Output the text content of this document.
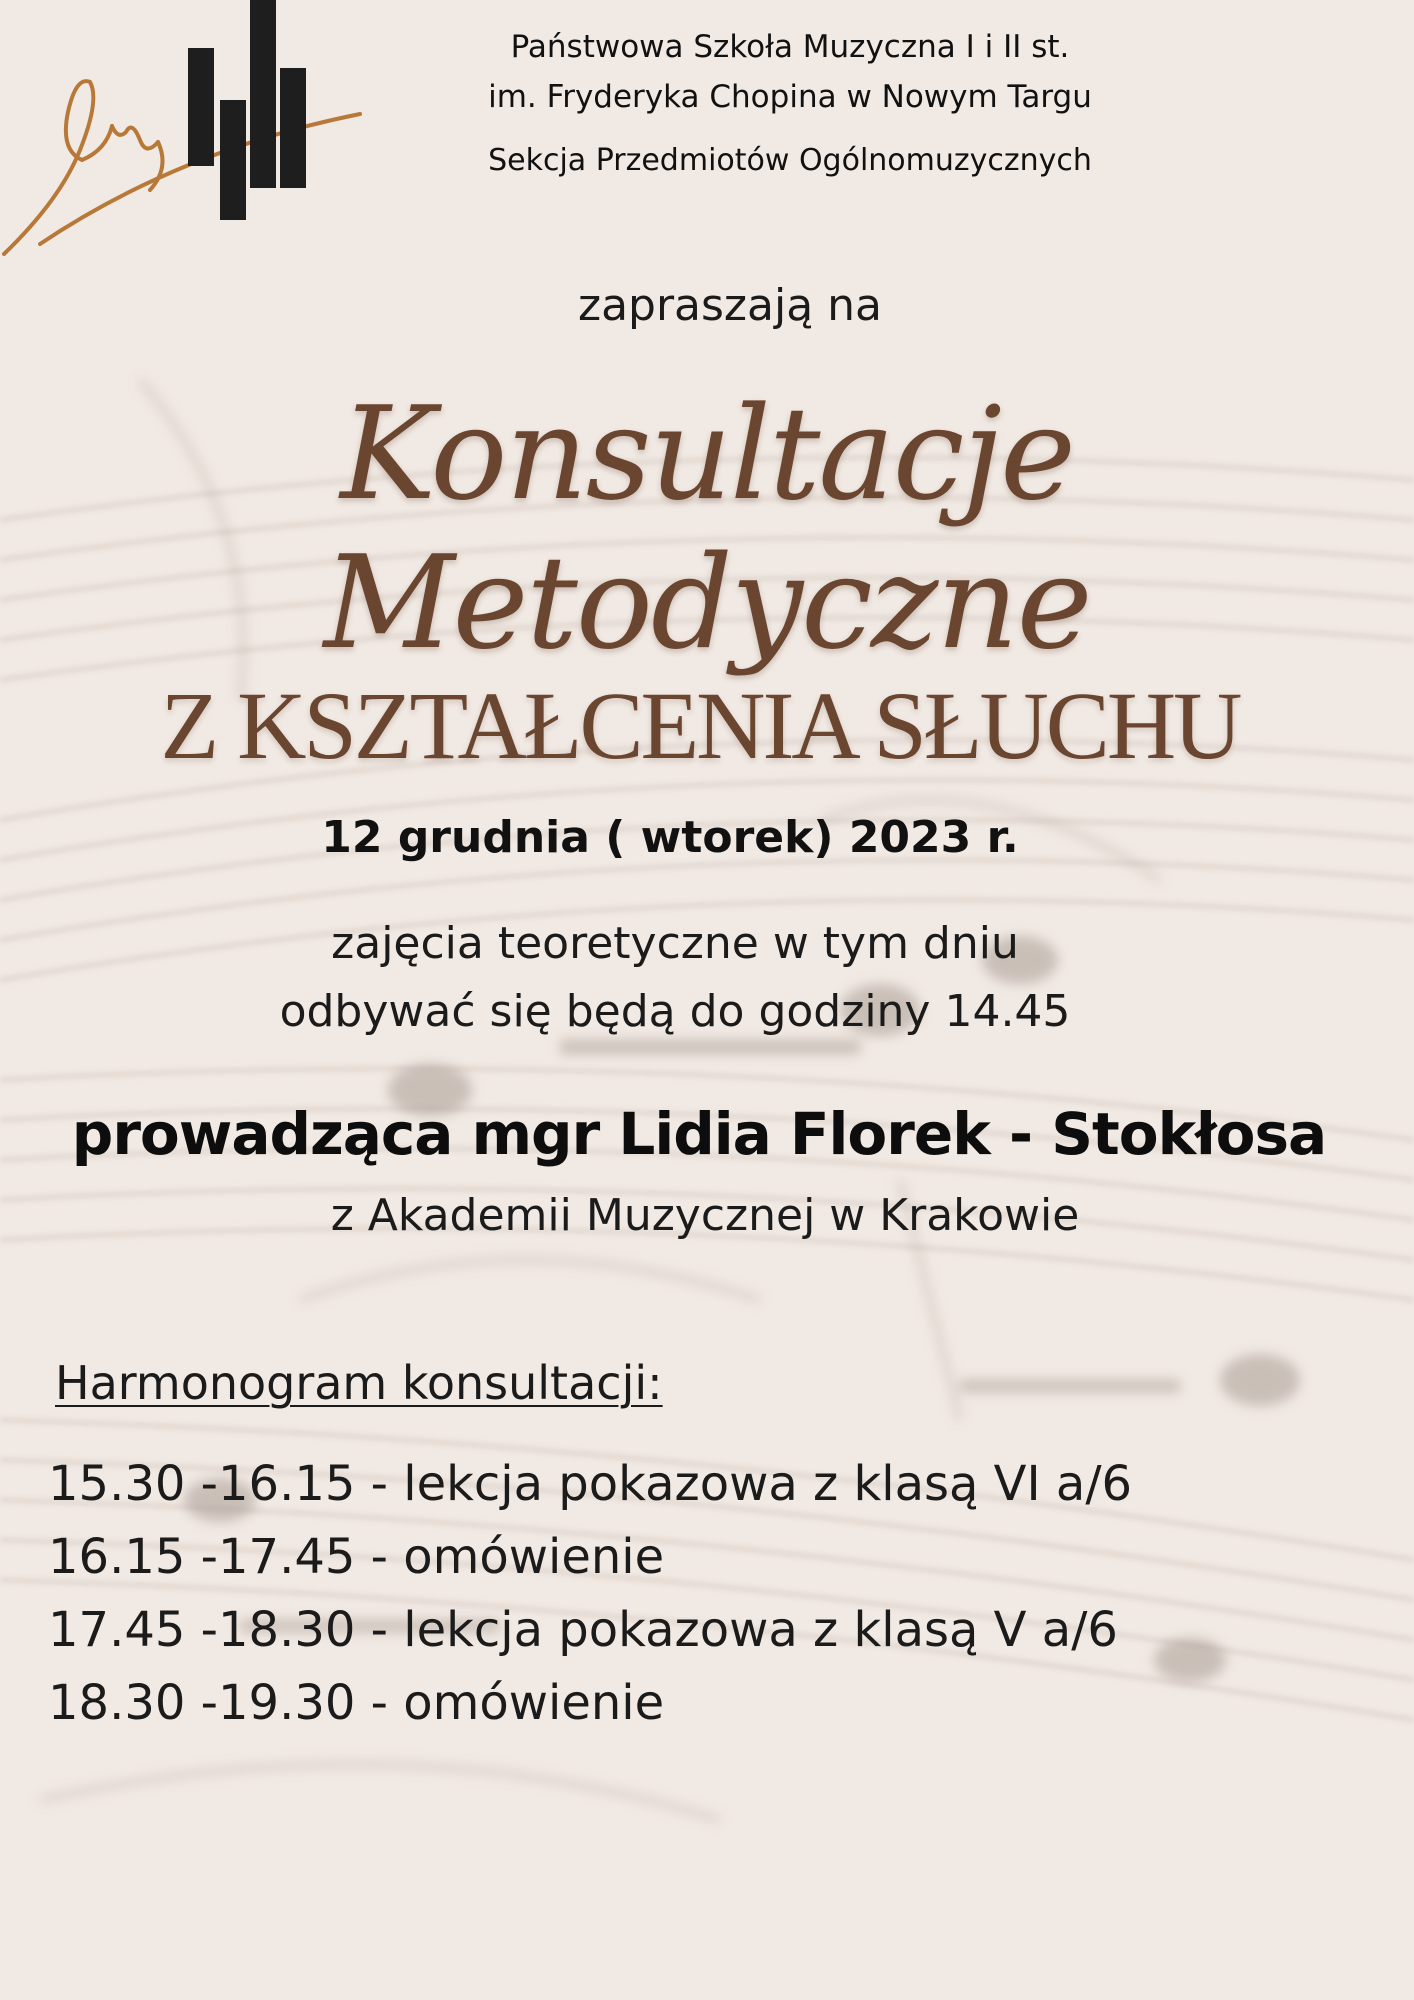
Państwowa Szkoła Muzyczna I i II st.
im. Fryderyka Chopina w Nowym Targu
Sekcja Przedmiotów Ogólnomuzycznych
zapraszają na
Konsultacje Metodyczne
Z KSZTAŁCENIA SŁUCHU
12 grudnia ( wtorek) 2023 r.
zajęcia teoretyczne w tym dniu
odbywać się będą do godziny 14.45
prowadząca mgr Lidia Florek - Stokłosa
z Akademii Muzycznej w Krakowie
Harmonogram konsultacji:
15.30 -16.15 - lekcja pokazowa z klasą VI a/6
16.15 -17.45 - omówienie
17.45 -18.30 - lekcja pokazowa z klasą V a/6
18.30 -19.30 - omówienie
